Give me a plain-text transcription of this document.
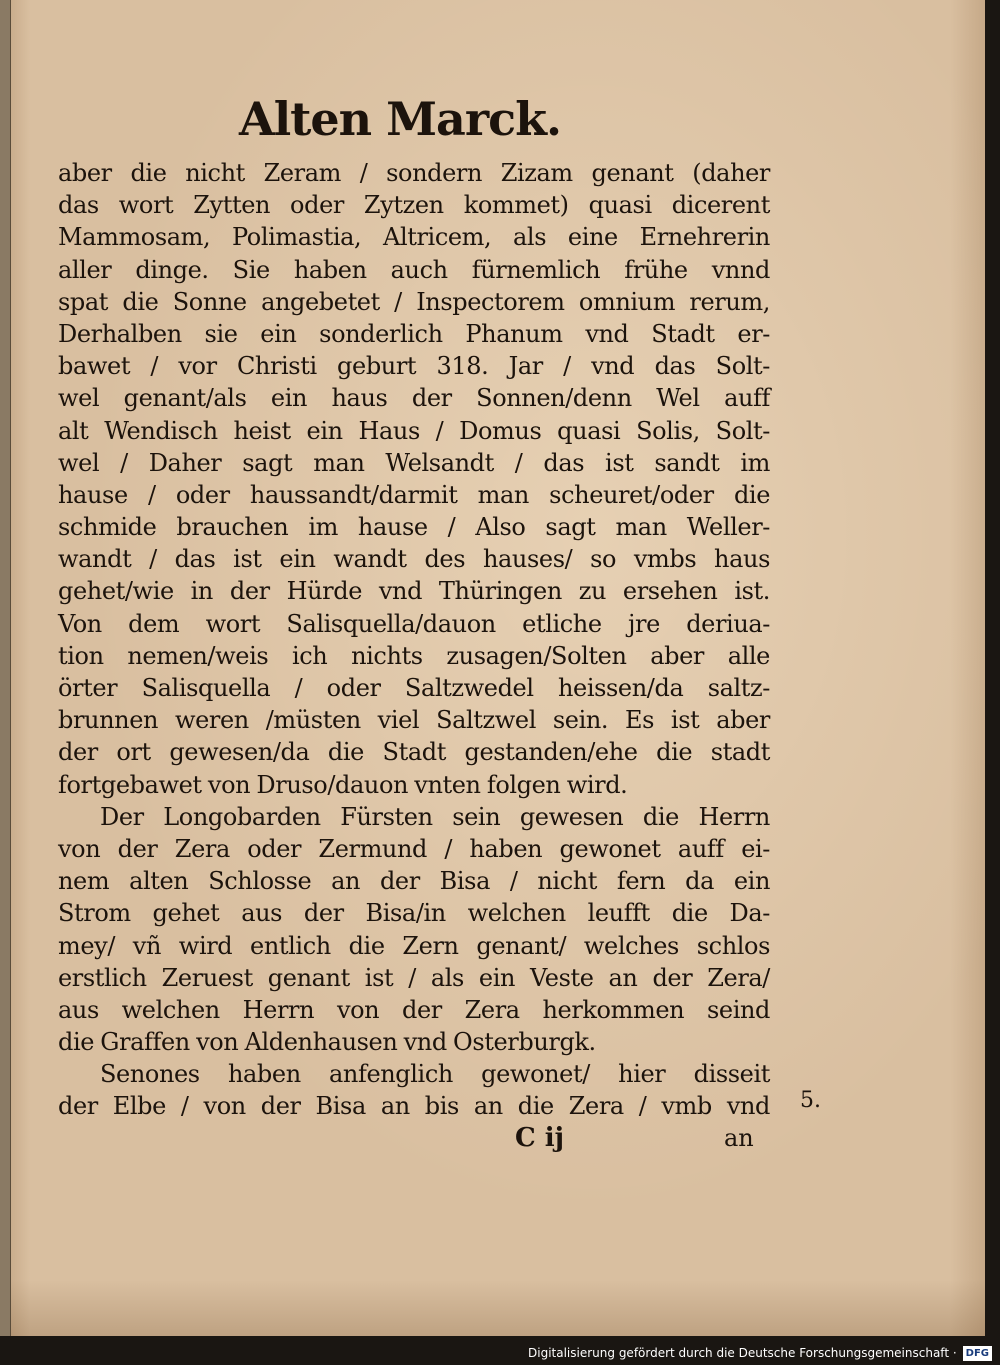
Alten Marck.
aber die nicht Zeram / sondern Zizam genant (daher
das wort Zytten oder Zytzen kommet) quasi dicerent
Mammosam, Polimastia, Altricem, als eine Ernehrerin
aller dinge. Sie haben auch fürnemlich frühe vnnd
spat die Sonne angebetet / Inspectorem omnium rerum,
Derhalben sie ein sonderlich Phanum vnd Stadt er-
bawet / vor Christi geburt 318. Jar / vnd das Solt-
wel genant/als ein haus der Sonnen/denn Wel auff
alt Wendisch heist ein Haus / Domus quasi Solis, Solt-
wel / Daher sagt man Welsandt / das ist sandt im
hause / oder haussandt/darmit man scheuret/oder die
schmide brauchen im hause / Also sagt man Weller-
wandt / das ist ein wandt des hauses/ so vmbs haus
gehet/wie in der Hürde vnd Thüringen zu ersehen ist.
Von dem wort Salisquella/dauon etliche jre deriua-
tion nemen/weis ich nichts zusagen/Solten aber alle
örter Salisquella / oder Saltzwedel heissen/da saltz-
brunnen weren /müsten viel Saltzwel sein. Es ist aber
der ort gewesen/da die Stadt gestanden/ehe die stadt
fortgebawet von Druso/dauon vnten folgen wird.
Der Longobarden Fürsten sein gewesen die Herrn
von der Zera oder Zermund / haben gewonet auff ei-
nem alten Schlosse an der Bisa / nicht fern da ein
Strom gehet aus der Bisa/in welchen leufft die Da-
mey/ vñ wird entlich die Zern genant/ welches schlos
erstlich Zeruest genant ist / als ein Veste an der Zera/
aus welchen Herrn von der Zera herkommen seind
die Graffen von Aldenhausen vnd Osterburgk.
Senones haben anfenglich gewonet/ hier disseit
der Elbe / von der Bisa an bis an die Zera / vmb vnd 5.
C ij	an
Digitalisierung gefördert durch die Deutsche Forschungsgemeinschaft · DFG
